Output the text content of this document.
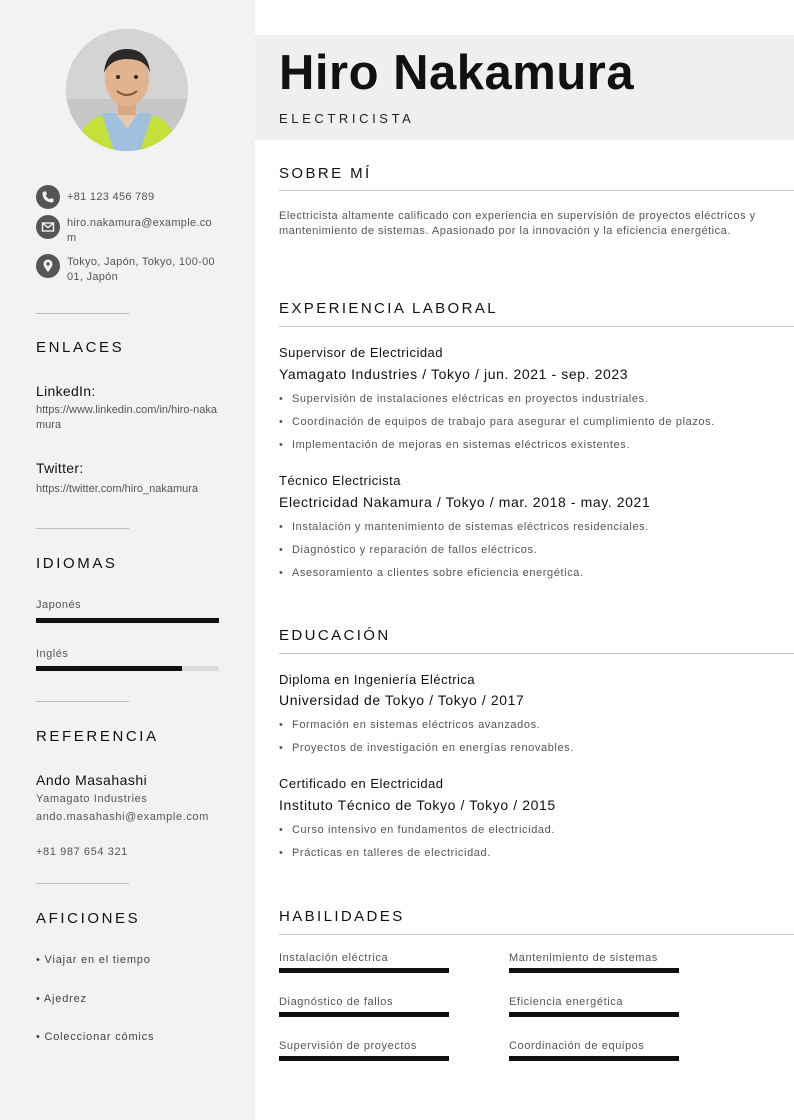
+81 123 456 789
hiro.nakamura@example.com
Tokyo, Japón, Tokyo, 100-0001, Japón
ENLACES
LinkedIn:
https://www.linkedin.com/in/hiro-nakamura
Twitter:
https://twitter.com/hiro_nakamura
IDIOMAS
Japonés
Inglés
REFERENCIA
Ando Masahashi
Yamagato Industries
ando.masahashi@example.com
+81 987 654 321
AFICIONES
• Viajar en el tiempo
• Ajedrez
• Coleccionar cómics
Hiro Nakamura
ELECTRICISTA
SOBRE MÍ
Electricista altamente calificado con experiencia en supervisión de proyectos eléctricos y mantenimiento de sistemas. Apasionado por la innovación y la eficiencia energética.
EXPERIENCIA LABORAL
Supervisor de Electricidad
Yamagato Industries / Tokyo / jun. 2021 - sep. 2023
• Supervisión de instalaciones eléctricas en proyectos industriales.
• Coordinación de equipos de trabajo para asegurar el cumplimiento de plazos.
• Implementación de mejoras en sistemas eléctricos existentes.
Técnico Electricista
Electricidad Nakamura / Tokyo / mar. 2018 - may. 2021
• Instalación y mantenimiento de sistemas eléctricos residenciales.
• Diagnóstico y reparación de fallos eléctricos.
• Asesoramiento a clientes sobre eficiencia energética.
EDUCACIÓN
Diploma en Ingeniería Eléctrica
Universidad de Tokyo / Tokyo / 2017
• Formación en sistemas eléctricos avanzados.
• Proyectos de investigación en energías renovables.
Certificado en Electricidad
Instituto Técnico de Tokyo / Tokyo / 2015
• Curso intensivo en fundamentos de electricidad.
• Prácticas en talleres de electricidad.
HABILIDADES
Instalación eléctrica	Mantenimiento de sistemas
Diagnóstico de fallos	Eficiencia energética
Supervisión de proyectos	Coordinación de equipos
